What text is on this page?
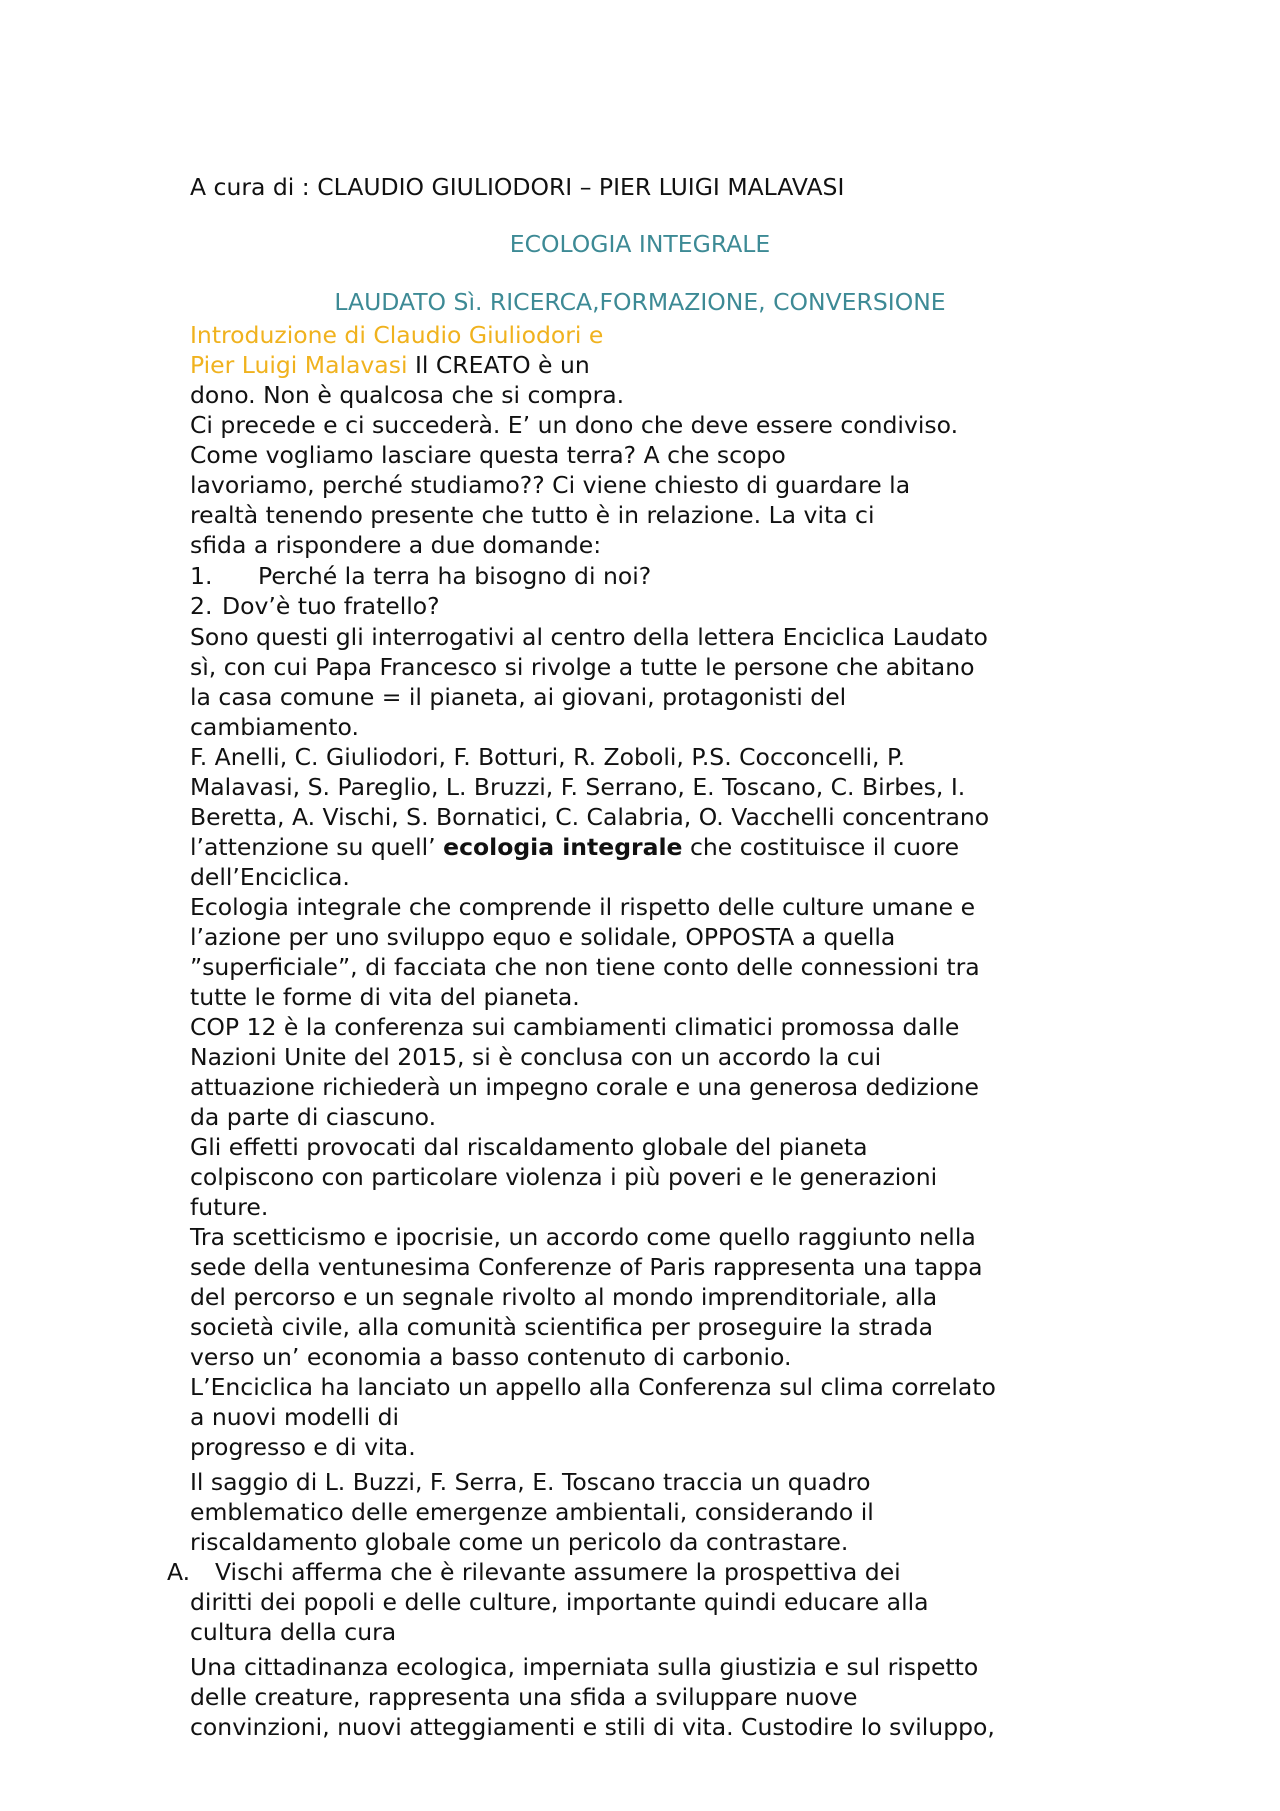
A cura di : CLAUDIO GIULIODORI – PIER LUIGI MALAVASI
ECOLOGIA INTEGRALE
LAUDATO Sì. RICERCA,FORMAZIONE, CONVERSIONE
Introduzione di Claudio Giuliodori e
Pier Luigi Malavasi Il CREATO è un
dono. Non è qualcosa che si compra.
Ci precede e ci succederà. E’ un dono che deve essere condiviso.
Come vogliamo lasciare questa terra? A che scopo
lavoriamo, perché studiamo?? Ci viene chiesto di guardare la
realtà tenendo presente che tutto è in relazione. La vita ci
sfida a rispondere a due domande:
1. Perché la terra ha bisogno di noi?
2. Dov’è tuo fratello?
Sono questi gli interrogativi al centro della lettera Enciclica Laudato
sì, con cui Papa Francesco si rivolge a tutte le persone che abitano
la casa comune = il pianeta, ai giovani, protagonisti del
cambiamento.
F. Anelli, C. Giuliodori, F. Botturi, R. Zoboli, P.S. Cocconcelli, P.
Malavasi, S. Pareglio, L. Bruzzi, F. Serrano, E. Toscano, C. Birbes, I.
Beretta, A. Vischi, S. Bornatici, C. Calabria, O. Vacchelli concentrano
l’attenzione su quell’ ecologia integrale che costituisce il cuore
dell’Enciclica.
Ecologia integrale che comprende il rispetto delle culture umane e
l’azione per uno sviluppo equo e solidale, OPPOSTA a quella
”superficiale”, di facciata che non tiene conto delle connessioni tra
tutte le forme di vita del pianeta.
COP 12 è la conferenza sui cambiamenti climatici promossa dalle
Nazioni Unite del 2015, si è conclusa con un accordo la cui
attuazione richiederà un impegno corale e una generosa dedizione
da parte di ciascuno.
Gli effetti provocati dal riscaldamento globale del pianeta
colpiscono con particolare violenza i più poveri e le generazioni
future.
Tra scetticismo e ipocrisie, un accordo come quello raggiunto nella
sede della ventunesima Conferenze of Paris rappresenta una tappa
del percorso e un segnale rivolto al mondo imprenditoriale, alla
società civile, alla comunità scientifica per proseguire la strada
verso un’ economia a basso contenuto di carbonio.
L’Enciclica ha lanciato un appello alla Conferenza sul clima correlato
a nuovi modelli di
progresso e di vita.
Il saggio di L. Buzzi, F. Serra, E. Toscano traccia un quadro
emblematico delle emergenze ambientali, considerando il
riscaldamento globale come un pericolo da contrastare.
A. Vischi afferma che è rilevante assumere la prospettiva dei
diritti dei popoli e delle culture, importante quindi educare alla
cultura della cura
Una cittadinanza ecologica, imperniata sulla giustizia e sul rispetto
delle creature, rappresenta una sfida a sviluppare nuove
convinzioni, nuovi atteggiamenti e stili di vita. Custodire lo sviluppo,
